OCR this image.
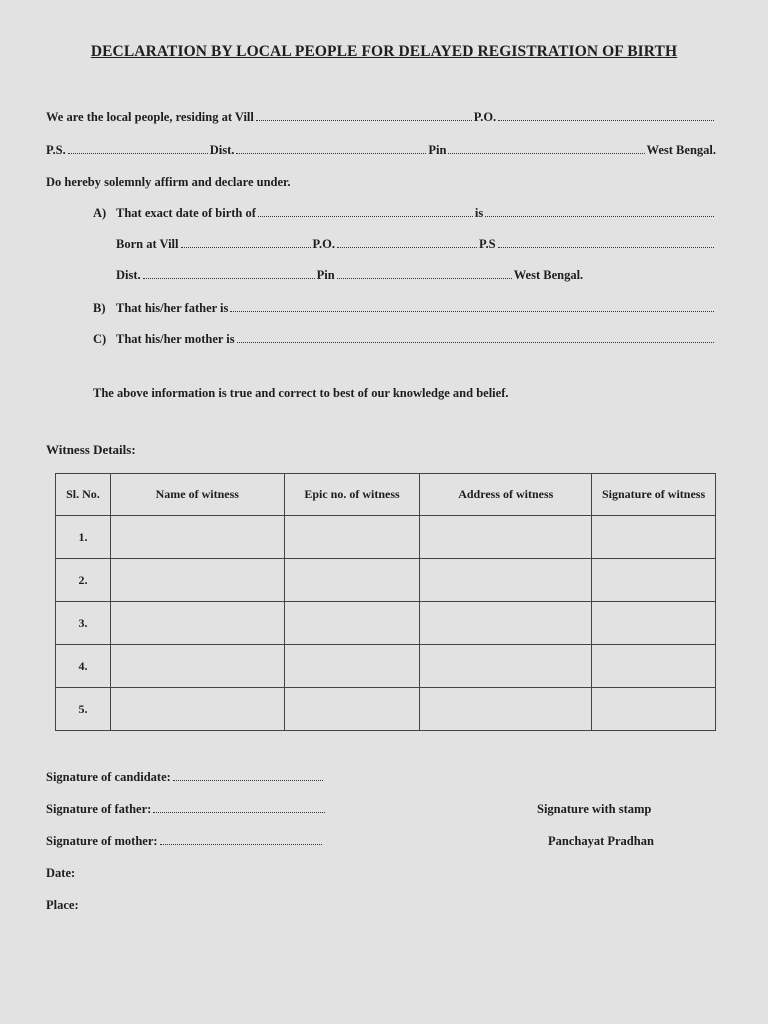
DECLARATION BY LOCAL PEOPLE FOR DELAYED REGISTRATION OF BIRTH
We are the local people, residing at Vill	P.O.
P.S.	Dist.	Pin	West Bengal.
Do hereby solemnly affirm and declare under.
A) That exact date of birth of	is
Born at Vill	P.O.	P.S
Dist.	Pin	West Bengal.
B) That his/her father is
C) That his/her mother is
The above information is true and correct to best of our knowledge and belief.
Witness Details:
Sl. No.	Name of witness	Epic no. of witness	Address of witness	Signature of witness
1.				
2.				
3.				
4.				
5.				
Signature of candidate:
Signature of father:
Signature of mother:
Date:
Place:
Signature with stamp
Panchayat Pradhan
